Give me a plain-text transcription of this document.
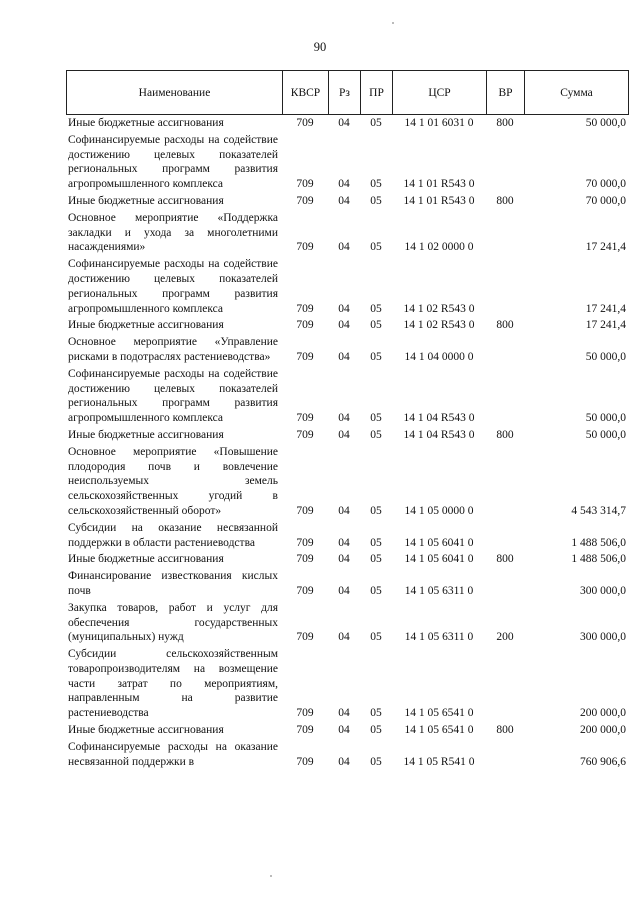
90
Наименование	КВСР	Рз	ПР	ЦСР	ВР	Сумма
Иные бюджетные ассигнования	709	04	05	14 1 01 6031 0	800	50 000,0
Софинансируемые расходы на содействие достижению целевых показателей региональных программ развития агропромышленного комплекса	709	04	05	14 1 01 R543 0		70 000,0
Иные бюджетные ассигнования	709	04	05	14 1 01 R543 0	800	70 000,0
Основное мероприятие «Поддержка закладки и ухода за многолетними насаждениями»	709	04	05	14 1 02 0000 0		17 241,4
Софинансируемые расходы на содействие достижению целевых показателей региональных программ развития агропромышленного комплекса	709	04	05	14 1 02 R543 0		17 241,4
Иные бюджетные ассигнования	709	04	05	14 1 02 R543 0	800	17 241,4
Основное мероприятие «Управление рисками в подотраслях растениеводства»	709	04	05	14 1 04 0000 0		50 000,0
Софинансируемые расходы на содействие достижению целевых показателей региональных программ развития агропромышленного комплекса	709	04	05	14 1 04 R543 0		50 000,0
Иные бюджетные ассигнования	709	04	05	14 1 04 R543 0	800	50 000,0
Основное мероприятие «Повышение плодородия почв и вовлечение неиспользуемых земель сельскохозяйственных угодий в сельскохозяйственный оборот»	709	04	05	14 1 05 0000 0		4 543 314,7
Субсидии на оказание несвязанной поддержки в области растениеводства	709	04	05	14 1 05 6041 0		1 488 506,0
Иные бюджетные ассигнования	709	04	05	14 1 05 6041 0	800	1 488 506,0
Финансирование известкования кислых почв	709	04	05	14 1 05 6311 0		300 000,0
Закупка товаров, работ и услуг для обеспечения государственных (муниципальных) нужд	709	04	05	14 1 05 6311 0	200	300 000,0
Субсидии сельскохозяйственным товаропроизводителям на возмещение части затрат по мероприятиям, направленным на развитие растениеводства	709	04	05	14 1 05 6541 0		200 000,0
Иные бюджетные ассигнования	709	04	05	14 1 05 6541 0	800	200 000,0
Софинансируемые расходы на оказание несвязанной поддержки в	709	04	05	14 1 05 R541 0		760 906,6
